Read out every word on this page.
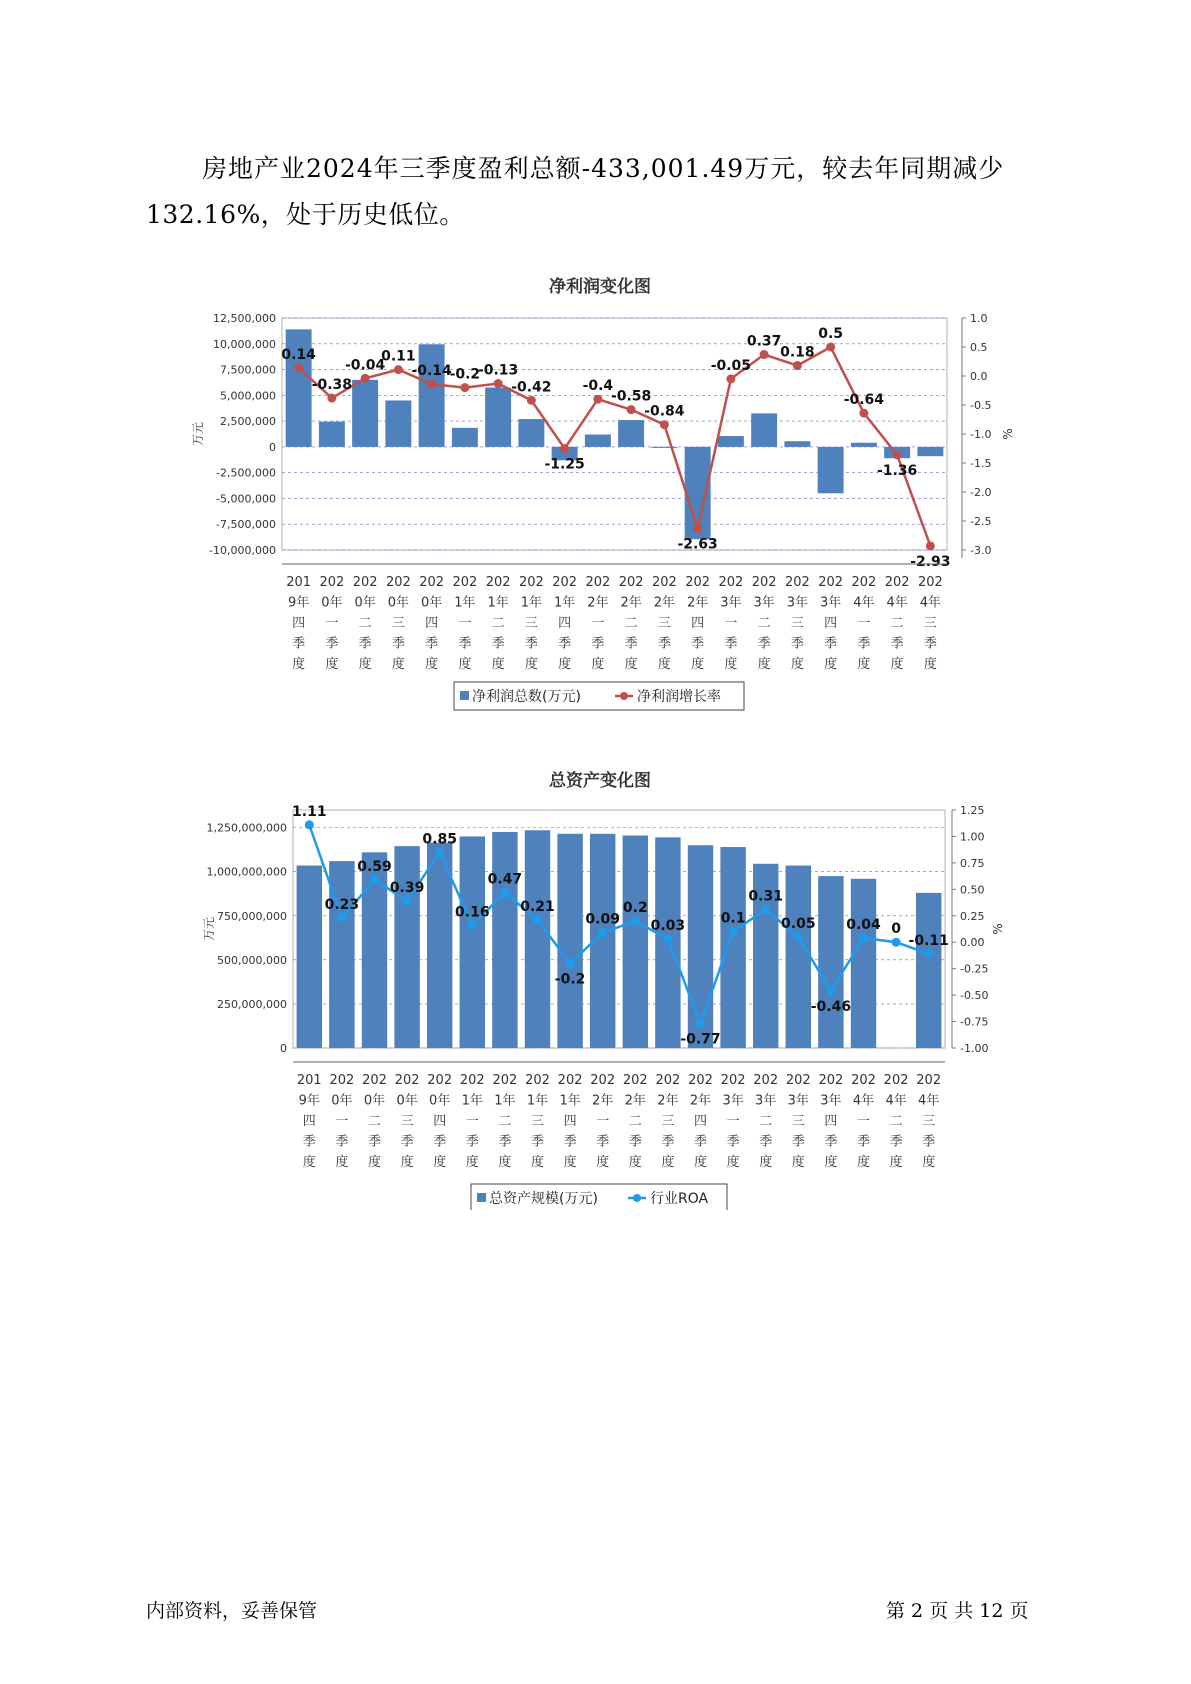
房地产业2024年三季度盈利总额-433,001.49万元，较去年同期减少
132.16%，处于历史低位。
净利润变化图
12,500,000
10,000,000
7,500,000
5,000,000
2,500,000
0
-2,500,000
-5,000,000
-7,500,000
-10,000,000
1.0
0.5
0.0
-0.5
-1.0
-1.5
-2.0
-2.5
-3.0
万元	%
0.14
-0.38
-0.04
0.11
-0.14
-0.2
-0.13
-0.42
-1.25
-0.4
-0.58
-0.84
-2.63
-0.05
0.37
0.18
0.5
-0.64
-1.36
-2.93
201
9年
四
季
度
202
0年
一
季
度
202
0年
二
季
度
202
0年
三
季
度
202
0年
四
季
度
202
1年
一
季
度
202
1年
二
季
度
202
1年
三
季
度
202
1年
四
季
度
202
2年
一
季
度
202
2年
二
季
度
202
2年
三
季
度
202
2年
四
季
度
202
3年
一
季
度
202
3年
二
季
度
202
3年
三
季
度
202
3年
四
季
度
202
4年
一
季
度
202
4年
二
季
度
202
4年
三
季
度
净利润总数(万元)	净利润增长率
总资产变化图
1,250,000,000
1,000,000,000
750,000,000
500,000,000
250,000,000
0
1.25
1.00
0.75
0.50
0.25
0.00
-0.25
-0.50
-0.75
-1.00
万元	%
1.11
0.23
0.59
0.39
0.85
0.16
0.47
0.21
-0.2
0.09
0.2
0.03
-0.77
0.1
0.31
0.05
-0.46
0.04 0
-0.11
201
9年
四
季
度
202
0年
一
季
度
202
0年
二
季
度
202
0年
三
季
度
202
0年
四
季
度
202
1年
一
季
度
202
1年
二
季
度
202
1年
三
季
度
202
1年
四
季
度
202
2年
一
季
度
202
2年
二
季
度
202
2年
三
季
度
202
2年
四
季
度
202
3年
一
季
度
202
3年
二
季
度
202
3年
三
季
度
202
3年
四
季
度
202
4年
一
季
度
202
4年
二
季
度
202
4年
三
季
度
总资产规模(万元)	行业ROA
内部资料，妥善保管	第 2 页 共 12 页
